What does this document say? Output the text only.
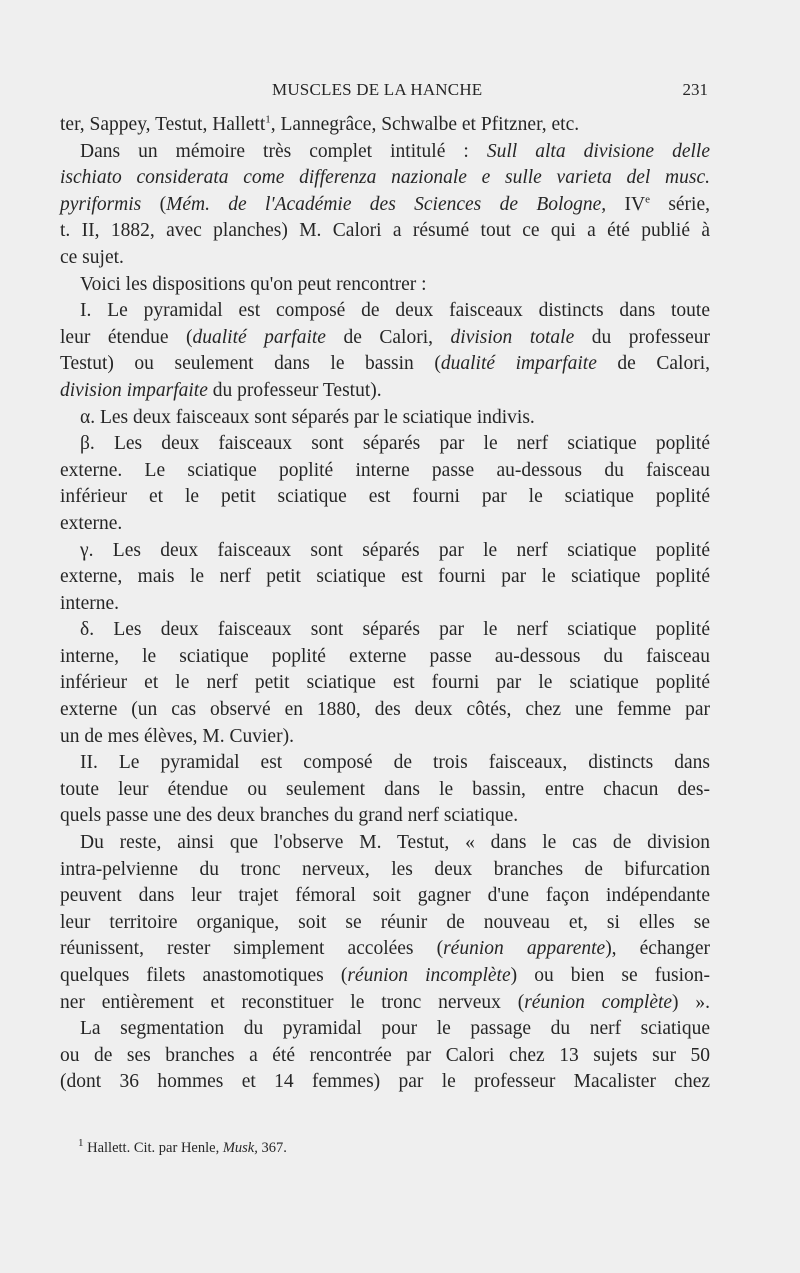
MUSCLES DE LA HANCHE	231
ter, Sappey, Testut, Hallett$^1$, Lannegrâce, Schwalbe et Pfitzner, etc.
Dans un mémoire très complet intitulé : Sull alta divisione delle
ischiato considerata come differenza nazionale e sulle varieta del musc.
pyriformis (Mém. de l'Académie des Sciences de Bologne, IVe série,
t. II, 1882, avec planches) M. Calori a résumé tout ce qui a été publié à
ce sujet.
Voici les dispositions qu'on peut rencontrer :
I. Le pyramidal est composé de deux faisceaux distincts dans toute
leur étendue (dualité parfaite de Calori, division totale du professeur
Testut) ou seulement dans le bassin (dualité imparfaite de Calori,
division imparfaite du professeur Testut).
α. Les deux faisceaux sont séparés par le sciatique indivis.
β. Les deux faisceaux sont séparés par le nerf sciatique poplité
externe. Le sciatique poplité interne passe au-dessous du faisceau
inférieur et le petit sciatique est fourni par le sciatique poplité
externe.
γ. Les deux faisceaux sont séparés par le nerf sciatique poplité
externe, mais le nerf petit sciatique est fourni par le sciatique poplité
interne.
δ. Les deux faisceaux sont séparés par le nerf sciatique poplité
interne, le sciatique poplité externe passe au-dessous du faisceau
inférieur et le nerf petit sciatique est fourni par le sciatique poplité
externe (un cas observé en 1880, des deux côtés, chez une femme par
un de mes élèves, M. Cuvier).
II. Le pyramidal est composé de trois faisceaux, distincts dans
toute leur étendue ou seulement dans le bassin, entre chacun des-
quels passe une des deux branches du grand nerf sciatique.
Du reste, ainsi que l'observe M. Testut, « dans le cas de division
intra-pelvienne du tronc nerveux, les deux branches de bifurcation
peuvent dans leur trajet fémoral soit gagner d'une façon indépendante
leur territoire organique, soit se réunir de nouveau et, si elles se
réunissent, rester simplement accolées (réunion apparente), échanger
quelques filets anastomotiques (réunion incomplète) ou bien se fusion-
ner entièrement et reconstituer le tronc nerveux (réunion complète) ».
La segmentation du pyramidal pour le passage du nerf sciatique
ou de ses branches a été rencontrée par Calori chez 13 sujets sur 50
(dont 36 hommes et 14 femmes) par le professeur Macalister chez
$^1$ Hallett. Cit. par Henle, Musk, 367.
